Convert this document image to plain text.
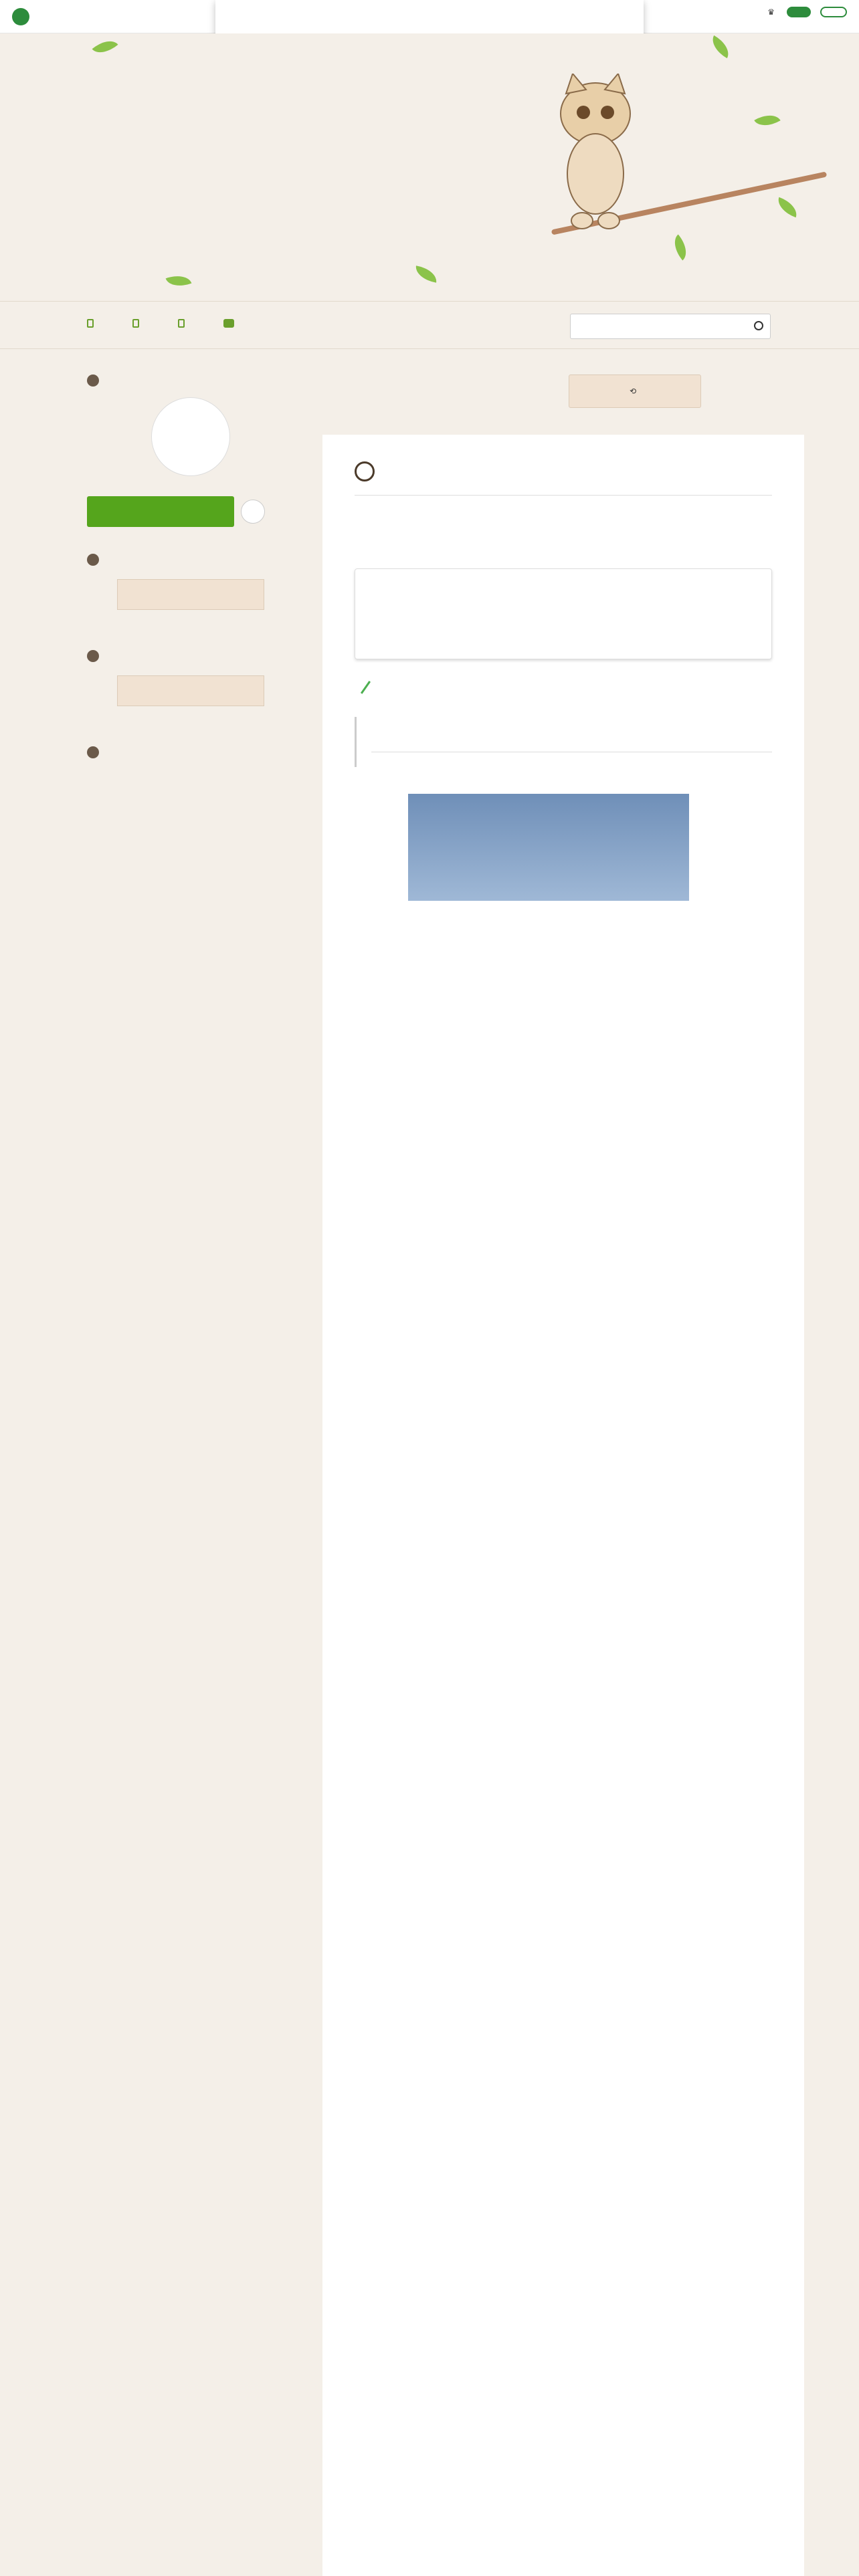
♛
⟲
